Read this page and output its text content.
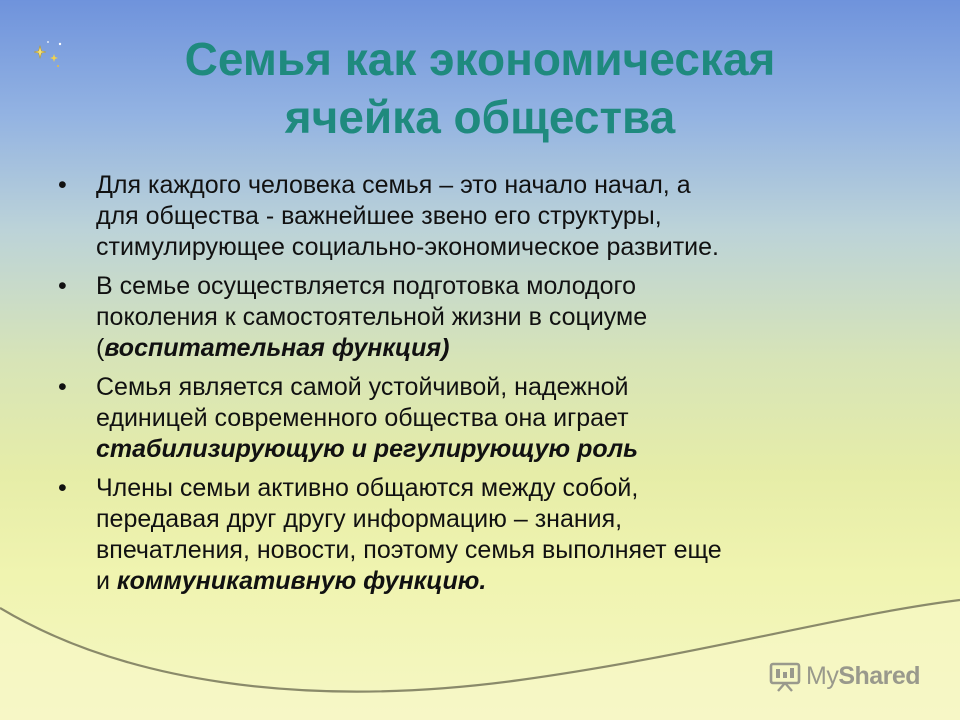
Семья как экономическая
ячейка общества
• Для каждого человека семья – это начало начал, а
для общества - важнейшее звено его структуры,
стимулирующее социально-экономическое развитие.
• В семье осуществляется подготовка молодого
поколения к самостоятельной жизни в социуме
(воспитательная функция)
• Семья является самой устойчивой, надежной
единицей современного общества она играет
стабилизирующую и регулирующую роль
• Члены семьи активно общаются между собой,
передавая друг другу информацию – знания,
впечатления, новости, поэтому семья выполняет еще
и коммуникативную функцию.
MyShared
